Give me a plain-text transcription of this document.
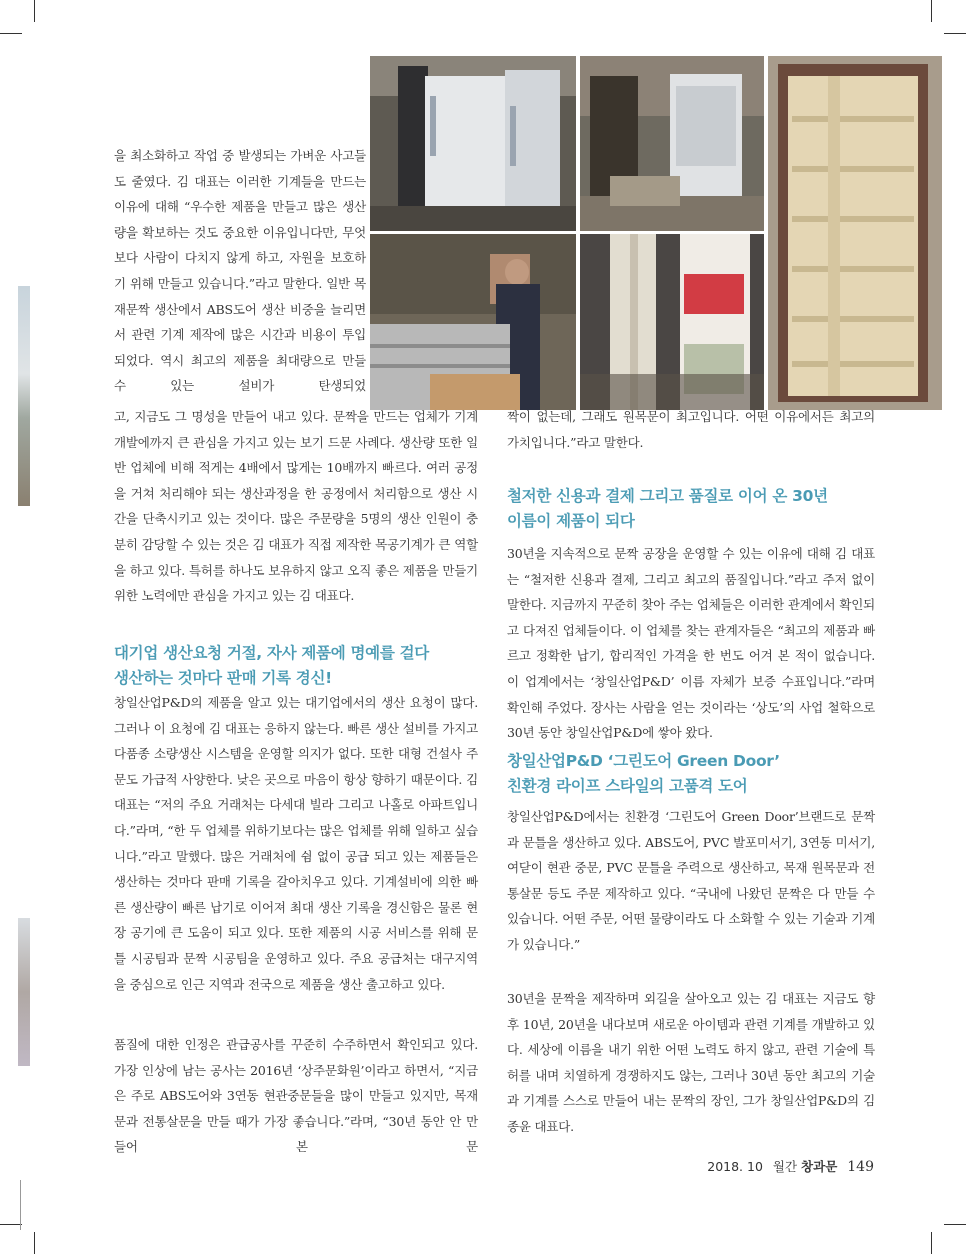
을 최소화하고 작업 중 발생되는 가벼운 사고들도 줄였다. 김 대표는 이러한 기계들을 만드는 이유에 대해 “우수한 제품을 만들고 많은 생산량을 확보하는 것도 중요한 이유입니다만, 무엇보다 사람이 다치지 않게 하고, 자원을 보호하기 위해 만들고 있습니다.”라고 말한다. 일반 목재문짝 생산에서 ABS도어 생산 비중을 늘리면서 관련 기계 제작에 많은 시간과 비용이 투입되었다. 역시 최고의 제품을 최대량으로 만들 수 있는 설비가 탄생되었
고, 지금도 그 명성을 만들어 내고 있다. 문짝을 만드는 업체가 기계 개발에까지 큰 관심을 가지고 있는 보기 드문 사례다. 생산량 또한 일반 업체에 비해 적게는 4배에서 많게는 10배까지 빠르다. 여러 공정을 거쳐 처리해야 되는 생산과정을 한 공정에서 처리함으로 생산 시간을 단축시키고 있는 것이다. 많은 주문량을 5명의 생산 인원이 충분히 감당할 수 있는 것은 김 대표가 직접 제작한 목공기계가 큰 역할을 하고 있다. 특허를 하나도 보유하지 않고 오직 좋은 제품을 만들기 위한 노력에만 관심을 가지고 있는 김 대표다.
대기업 생산요청 거절, 자사 제품에 명예를 걸다
생산하는 것마다 판매 기록 경신!
창일산업P&D의 제품을 알고 있는 대기업에서의 생산 요청이 많다. 그러나 이 요청에 김 대표는 응하지 않는다. 빠른 생산 설비를 가지고 다품종 소량생산 시스템을 운영할 의지가 없다. 또한 대형 건설사 주문도 가급적 사양한다. 낮은 곳으로 마음이 항상 향하기 때문이다. 김 대표는 “저의 주요 거래처는 다세대 빌라 그리고 나홀로 아파트입니다.”라며, “한 두 업체를 위하기보다는 많은 업체를 위해 일하고 싶습니다.”라고 말했다. 많은 거래처에 쉼 없이 공급 되고 있는 제품들은 생산하는 것마다 판매 기록을 갈아치우고 있다. 기계설비에 의한 빠른 생산량이 빠른 납기로 이어져 최대 생산 기록을 경신함은 물론 현장 공기에 큰 도움이 되고 있다. 또한 제품의 시공 서비스를 위해 문틀 시공팀과 문짝 시공팀을 운영하고 있다. 주요 공급처는 대구지역을 중심으로 인근 지역과 전국으로 제품을 생산 출고하고 있다.
품질에 대한 인정은 관급공사를 꾸준히 수주하면서 확인되고 있다. 가장 인상에 남는 공사는 2016년 ‘상주문화원’이라고 하면서, “지금은 주로 ABS도어와 3연동 현관중문들을 많이 만들고 있지만, 목재문과 전통살문을 만들 때가 가장 좋습니다.”라며, “30년 동안 안 만들어 본 문
짝이 없는데, 그래도 원목문이 최고입니다. 어떤 이유에서든 최고의 가치입니다.”라고 말한다.
철저한 신용과 결제 그리고 품질로 이어 온 30년
이름이 제품이 되다
30년을 지속적으로 문짝 공장을 운영할 수 있는 이유에 대해 김 대표는 “철저한 신용과 결제, 그리고 최고의 품질입니다.”라고 주저 없이 말한다. 지금까지 꾸준히 찾아 주는 업체들은 이러한 관계에서 확인되고 다져진 업체들이다. 이 업체를 찾는 관계자들은 “최고의 제품과 빠르고 정확한 납기, 합리적인 가격을 한 번도 어겨 본 적이 없습니다. 이 업계에서는 ‘창일산업P&D’ 이름 자체가 보증 수표입니다.”라며 확인해 주었다. 장사는 사람을 얻는 것이라는 ‘상도’의 사업 철학으로 30년 동안 창일산업P&D에 쌓아 왔다.
창일산업P&D ‘그린도어 Green Door’
친환경 라이프 스타일의 고품격 도어
창일산업P&D에서는 친환경 ‘그린도어 Green Door’브랜드로 문짝과 문틀을 생산하고 있다. ABS도어, PVC 발포미서기, 3연동 미서기, 여닫이 현관 중문, PVC 문틀을 주력으로 생산하고, 목재 원목문과 전통살문 등도 주문 제작하고 있다. “국내에 나왔던 문짝은 다 만들 수 있습니다. 어떤 주문, 어떤 물량이라도 다 소화할 수 있는 기술과 기계가 있습니다.”
30년을 문짝을 제작하며 외길을 살아오고 있는 김 대표는 지금도 향후 10년, 20년을 내다보며 새로운 아이템과 관련 기계를 개발하고 있다. 세상에 이름을 내기 위한 어떤 노력도 하지 않고, 관련 기술에 특허를 내며 치열하게 경쟁하지도 않는, 그러나 30년 동안 최고의 기술과 기계를 스스로 만들어 내는 문짝의 장인, 그가 창일산업P&D의 김종윤 대표다.
2018. 10 월간 창과문 149
